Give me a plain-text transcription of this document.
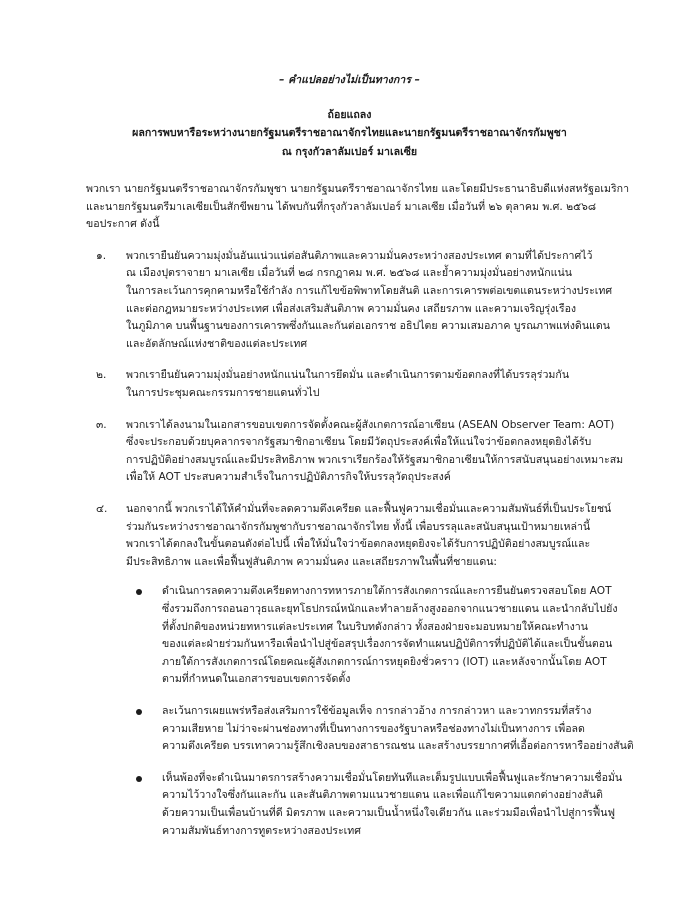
– คำแปลอย่างไม่เป็นทางการ –
ถ้อยแถลง
ผลการพบหารือระหว่างนายกรัฐมนตรีราชอาณาจักรไทยและนายกรัฐมนตรีราชอาณาจักรกัมพูชา
ณ กรุงกัวลาลัมเปอร์ มาเลเซีย
พวกเรา นายกรัฐมนตรีราชอาณาจักรกัมพูชา นายกรัฐมนตรีราชอาณาจักรไทย และโดยมีประธานาธิบดีแห่งสหรัฐอเมริกา
และนายกรัฐมนตรีมาเลเซียเป็นสักขีพยาน ได้พบกันที่กรุงกัวลาลัมเปอร์ มาเลเซีย เมื่อวันที่ ๒๖ ตุลาคม พ.ศ. ๒๕๖๘
ขอประกาศ ดังนี้
๑. พวกเรายืนยันความมุ่งมั่นอันแน่วแน่ต่อสันติภาพและความมั่นคงระหว่างสองประเทศ ตามที่ได้ประกาศไว้
ณ เมืองปุตราจายา มาเลเซีย เมื่อวันที่ ๒๘ กรกฎาคม พ.ศ. ๒๕๖๘ และย้ำความมุ่งมั่นอย่างหนักแน่น
ในการละเว้นการคุกคามหรือใช้กำลัง การแก้ไขข้อพิพาทโดยสันติ และการเคารพต่อเขตแดนระหว่างประเทศ
และต่อกฎหมายระหว่างประเทศ เพื่อส่งเสริมสันติภาพ ความมั่นคง เสถียรภาพ และความเจริญรุ่งเรือง
ในภูมิภาค บนพื้นฐานของการเคารพซึ่งกันและกันต่อเอกราช อธิปไตย ความเสมอภาค บูรณภาพแห่งดินแดน
และอัตลักษณ์แห่งชาติของแต่ละประเทศ
๒. พวกเรายืนยันความมุ่งมั่นอย่างหนักแน่นในการยึดมั่น และดำเนินการตามข้อตกลงที่ได้บรรลุร่วมกัน
ในการประชุมคณะกรรมการชายแดนทั่วไป
๓. พวกเราได้ลงนามในเอกสารขอบเขตการจัดตั้งคณะผู้สังเกตการณ์อาเซียน (ASEAN Observer Team: AOT)
ซึ่งจะประกอบด้วยบุคลากรจากรัฐสมาชิกอาเซียน โดยมีวัตถุประสงค์เพื่อให้แน่ใจว่าข้อตกลงหยุดยิงได้รับ
การปฏิบัติอย่างสมบูรณ์และมีประสิทธิภาพ พวกเราเรียกร้องให้รัฐสมาชิกอาเซียนให้การสนับสนุนอย่างเหมาะสม
เพื่อให้ AOT ประสบความสำเร็จในการปฏิบัติภารกิจให้บรรลุวัตถุประสงค์
๔. นอกจากนี้ พวกเราได้ให้คำมั่นที่จะลดความตึงเครียด และฟื้นฟูความเชื่อมั่นและความสัมพันธ์ที่เป็นประโยชน์
ร่วมกันระหว่างราชอาณาจักรกัมพูชากับราชอาณาจักรไทย ทั้งนี้ เพื่อบรรลุและสนับสนุนเป้าหมายเหล่านี้
พวกเราได้ตกลงในขั้นตอนดังต่อไปนี้ เพื่อให้มั่นใจว่าข้อตกลงหยุดยิงจะได้รับการปฏิบัติอย่างสมบูรณ์และ
มีประสิทธิภาพ และเพื่อฟื้นฟูสันติภาพ ความมั่นคง และเสถียรภาพในพื้นที่ชายแดน:
ดำเนินการลดความตึงเครียดทางการทหารภายใต้การสังเกตการณ์และการยืนยันตรวจสอบโดย AOT
ซึ่งรวมถึงการถอนอาวุธและยุทโธปกรณ์หนักและทำลายล้างสูงออกจากแนวชายแดน และนำกลับไปยัง
ที่ตั้งปกติของหน่วยทหารแต่ละประเทศ ในบริบทดังกล่าว ทั้งสองฝ่ายจะมอบหมายให้คณะทำงาน
ของแต่ละฝ่ายร่วมกันหารือเพื่อนำไปสู่ข้อสรุปเรื่องการจัดทำแผนปฏิบัติการที่ปฏิบัติได้และเป็นขั้นตอน
ภายใต้การสังเกตการณ์โดยคณะผู้สังเกตการณ์การหยุดยิงชั่วคราว (IOT) และหลังจากนั้นโดย AOT
ตามที่กำหนดในเอกสารขอบเขตการจัดตั้ง
ละเว้นการเผยแพร่หรือส่งเสริมการใช้ข้อมูลเท็จ การกล่าวอ้าง การกล่าวหา และวาทกรรมที่สร้าง
ความเสียหาย ไม่ว่าจะผ่านช่องทางที่เป็นทางการของรัฐบาลหรือช่องทางไม่เป็นทางการ เพื่อลด
ความตึงเครียด บรรเทาความรู้สึกเชิงลบของสาธารณชน และสร้างบรรยากาศที่เอื้อต่อการหารืออย่างสันติ
เห็นพ้องที่จะดำเนินมาตรการสร้างความเชื่อมั่นโดยทันทีและเต็มรูปแบบเพื่อฟื้นฟูและรักษาความเชื่อมั่น
ความไว้วางใจซึ่งกันและกัน และสันติภาพตามแนวชายแดน และเพื่อแก้ไขความแตกต่างอย่างสันติ
ด้วยความเป็นเพื่อนบ้านที่ดี มิตรภาพ และความเป็นน้ำหนึ่งใจเดียวกัน และร่วมมือเพื่อนำไปสู่การฟื้นฟู
ความสัมพันธ์ทางการทูตระหว่างสองประเทศ
